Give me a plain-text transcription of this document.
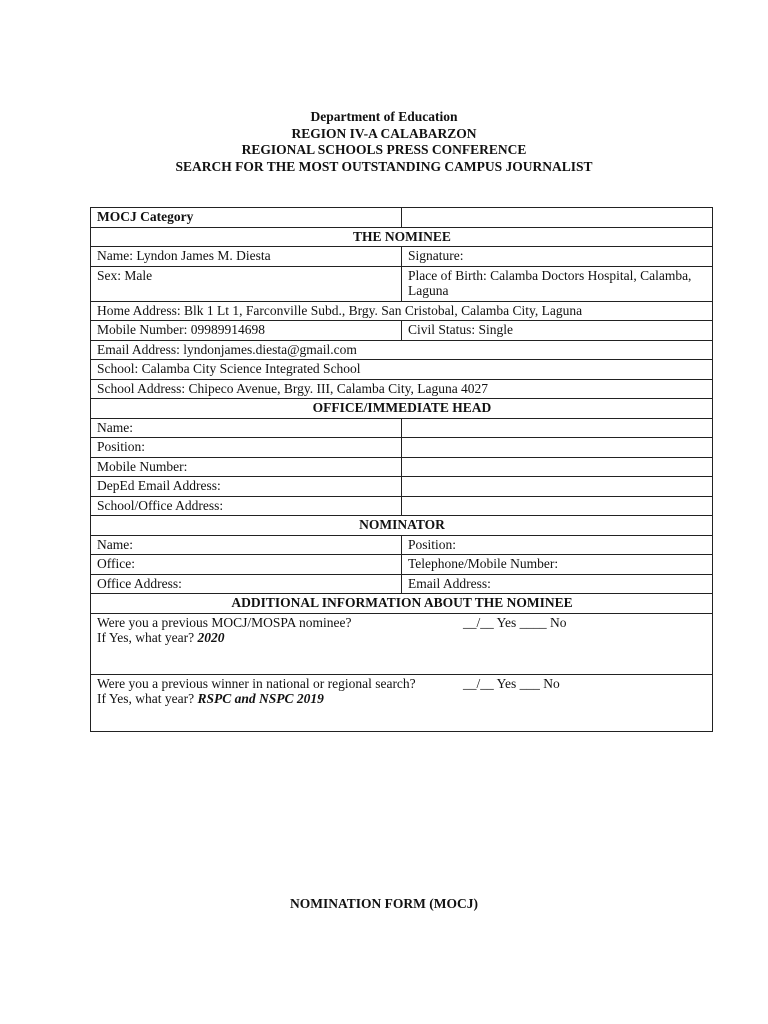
Department of Education
REGION IV-A CALABARZON
REGIONAL SCHOOLS PRESS CONFERENCE
SEARCH FOR THE MOST OUTSTANDING CAMPUS JOURNALIST
MOCJ Category	
THE NOMINEE	
Name: Lyndon James M. Diesta	Signature:
Sex: Male	Place of Birth: Calamba Doctors Hospital, Calamba, Laguna
Home Address: Blk 1 Lt 1, Farconville Subd., Brgy. San Cristobal, Calamba City, Laguna	
Mobile Number: 09989914698	Civil Status: Single
Email Address: lyndonjames.diesta@gmail.com	
School: Calamba City Science Integrated School	
School Address: Chipeco Avenue, Brgy. III, Calamba City, Laguna 4027	
OFFICE/IMMEDIATE HEAD	
Name:	
Position:	
Mobile Number:	
DepEd Email Address:	
School/Office Address:	
NOMINATOR	
Name:	Position:
Office:	Telephone/Mobile Number:
Office Address:	Email Address:
ADDITIONAL INFORMATION ABOUT THE NOMINEE	

Were you a previous MOCJ/MOSPA nominee? __/__ Yes ____ No
If Yes, what year? 2020	

Were you a previous winner in national or regional search? __/__ Yes ___ No
If Yes, what year? RSPC and NSPC 2019	
NOMINATION FORM (MOCJ)
